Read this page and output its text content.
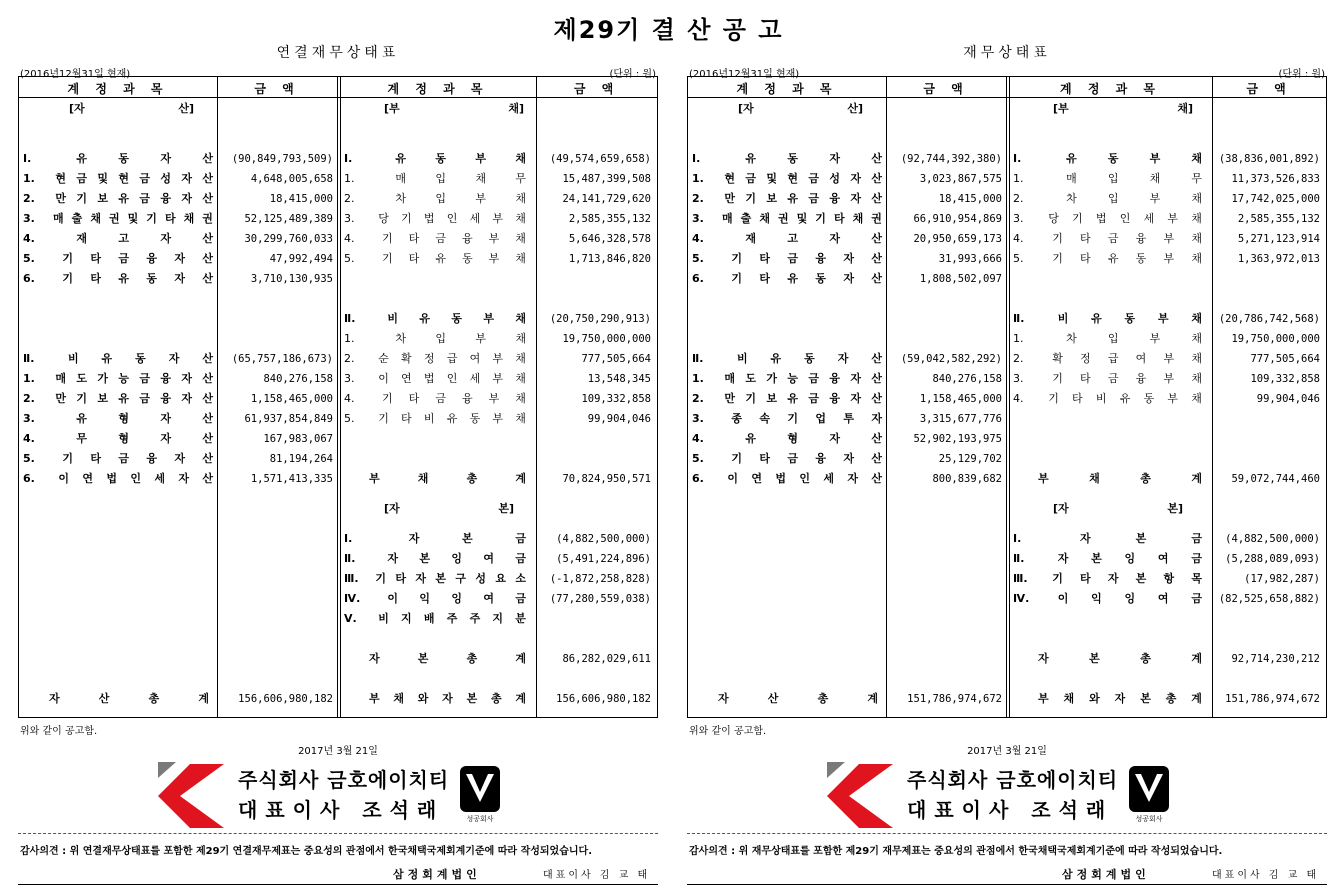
제29기 결 산 공 고
연결재무상태표
(2016년12월31일 현재)	(단위 : 원)
계 정 과 목	금 액	계 정 과 목	금 액
[자	산]	[부	채]
[자	본]
Ⅰ.	유	동	자	산	(90,849,793,509)
1.	현 금 및 현 금 성 자 산	4,648,005,658
2.	만 기 보 유 금 융 자 산	18,415,000
3.	매 출 채 권 및 기 타 채 권	52,125,489,389
4.	재	고	자	산	30,299,760,033
5.	기 타 금 융 자 산	47,992,494
6.	기 타 유 동 자 산	3,710,130,935
Ⅱ.	비 유 동 자 산	(65,757,186,673)
1.	매 도 가 능 금 융 자 산	840,276,158
2.	만 기 보 유 금 융 자 산	1,158,465,000
3.	유	형	자	산	61,937,854,849
4.	무	형	자	산	167,983,067
5.	기 타 금 융 자 산	81,194,264
6.	이 연 법 인 세 자 산	1,571,413,335
자	산	총	계	156,606,980,182
Ⅰ.	유	동	부	채	(49,574,659,658)
1.	매	입	채	무	15,487,399,508
2.	차	입	부	채	24,141,729,620
3.	당 기 법 인 세 부 채	2,585,355,132
4.	기 타 금 융 부 채	5,646,328,578
5.	기 타 유 동 부 채	1,713,846,820
Ⅱ.	비 유 동 부 채	(20,750,290,913)
1.	차	입	부	채	19,750,000,000
2.	순 확 정 급 여 부 채	777,505,664
3.	이 연 법 인 세 부 채	13,548,345
4.	기 타 금 융 부 채	109,332,858
5.	기 타 비 유 동 부 채	99,904,046
부	채	총	계	70,824,950,571
Ⅰ.	자	본	금	(4,882,500,000)
Ⅱ.	자 본 잉 여 금	(5,491,224,896)
Ⅲ.	기 타 자 본 구 성 요 소	(-1,872,258,828)
Ⅳ.	이 익 잉 여 금	(77,280,559,038)
Ⅴ.	비 지 배 주 주 지 분
자	본	총	계	86,282,029,611
부 채 와 자 본 총 계	156,606,980,182
위와 같이 공고함.
2017년 3월 21일
주식회사 금호에이치티
대표이사 조석래	성공회사
감사의견 : 위 연결재무상태표를 포함한 제29기 연결재무제표는 중요성의 관점에서 한국채택국제회계기준에 따라 작성되었습니다.
삼정회계법인	대표이사 김 교 태
재무상태표
(2016년12월31일 현재)	(단위 : 원)
계 정 과 목	금 액	계 정 과 목	금 액
[자	산]	[부	채]
[자	본]
Ⅰ.	유	동	자	산	(92,744,392,380)
1.	현 금 및 현 금 성 자 산	3,023,867,575
2.	만 기 보 유 금 융 자 산	18,415,000
3.	매 출 채 권 및 기 타 채 권	66,910,954,869
4.	재	고	자	산	20,950,659,173
5.	기 타 금 융 자 산	31,993,666
6.	기 타 유 동 자 산	1,808,502,097
Ⅱ.	비 유 동 자 산	(59,042,582,292)
1.	매 도 가 능 금 융 자 산	840,276,158
2.	만 기 보 유 금 융 자 산	1,158,465,000
3.	종 속 기 업 투 자	3,315,677,776
4.	유	형	자	산	52,902,193,975
5.	기 타 금 융 자 산	25,129,702
6.	이 연 법 인 세 자 산	800,839,682
자	산	총	계	151,786,974,672
Ⅰ.	유	동	부	채	(38,836,001,892)
1.	매	입	채	무	11,373,526,833
2.	차	입	부	채	17,742,025,000
3.	당 기 법 인 세 부 채	2,585,355,132
4.	기 타 금 융 부 채	5,271,123,914
5.	기 타 유 동 부 채	1,363,972,013
Ⅱ.	비 유 동 부 채	(20,786,742,568)
1.	차	입	부	채	19,750,000,000
2.	확 정 급 여 부 채	777,505,664
3.	기 타 금 융 부 채	109,332,858
4.	기 타 비 유 동 부 채	99,904,046
부	채	총	계	59,072,744,460
Ⅰ.	자	본	금	(4,882,500,000)
Ⅱ.	자 본 잉 여 금	(5,288,089,093)
Ⅲ.	기 타 자 본 항 목	(17,982,287)
Ⅳ.	이 익 잉 여 금	(82,525,658,882)
자	본	총	계	92,714,230,212
부 채 와 자 본 총 계	151,786,974,672
위와 같이 공고함.
2017년 3월 21일
주식회사 금호에이치티
대표이사 조석래	성공회사
감사의견 : 위 재무상태표를 포함한 제29기 재무제표는 중요성의 관점에서 한국채택국제회계기준에 따라 작성되었습니다.
삼정회계법인	대표이사 김 교 태
